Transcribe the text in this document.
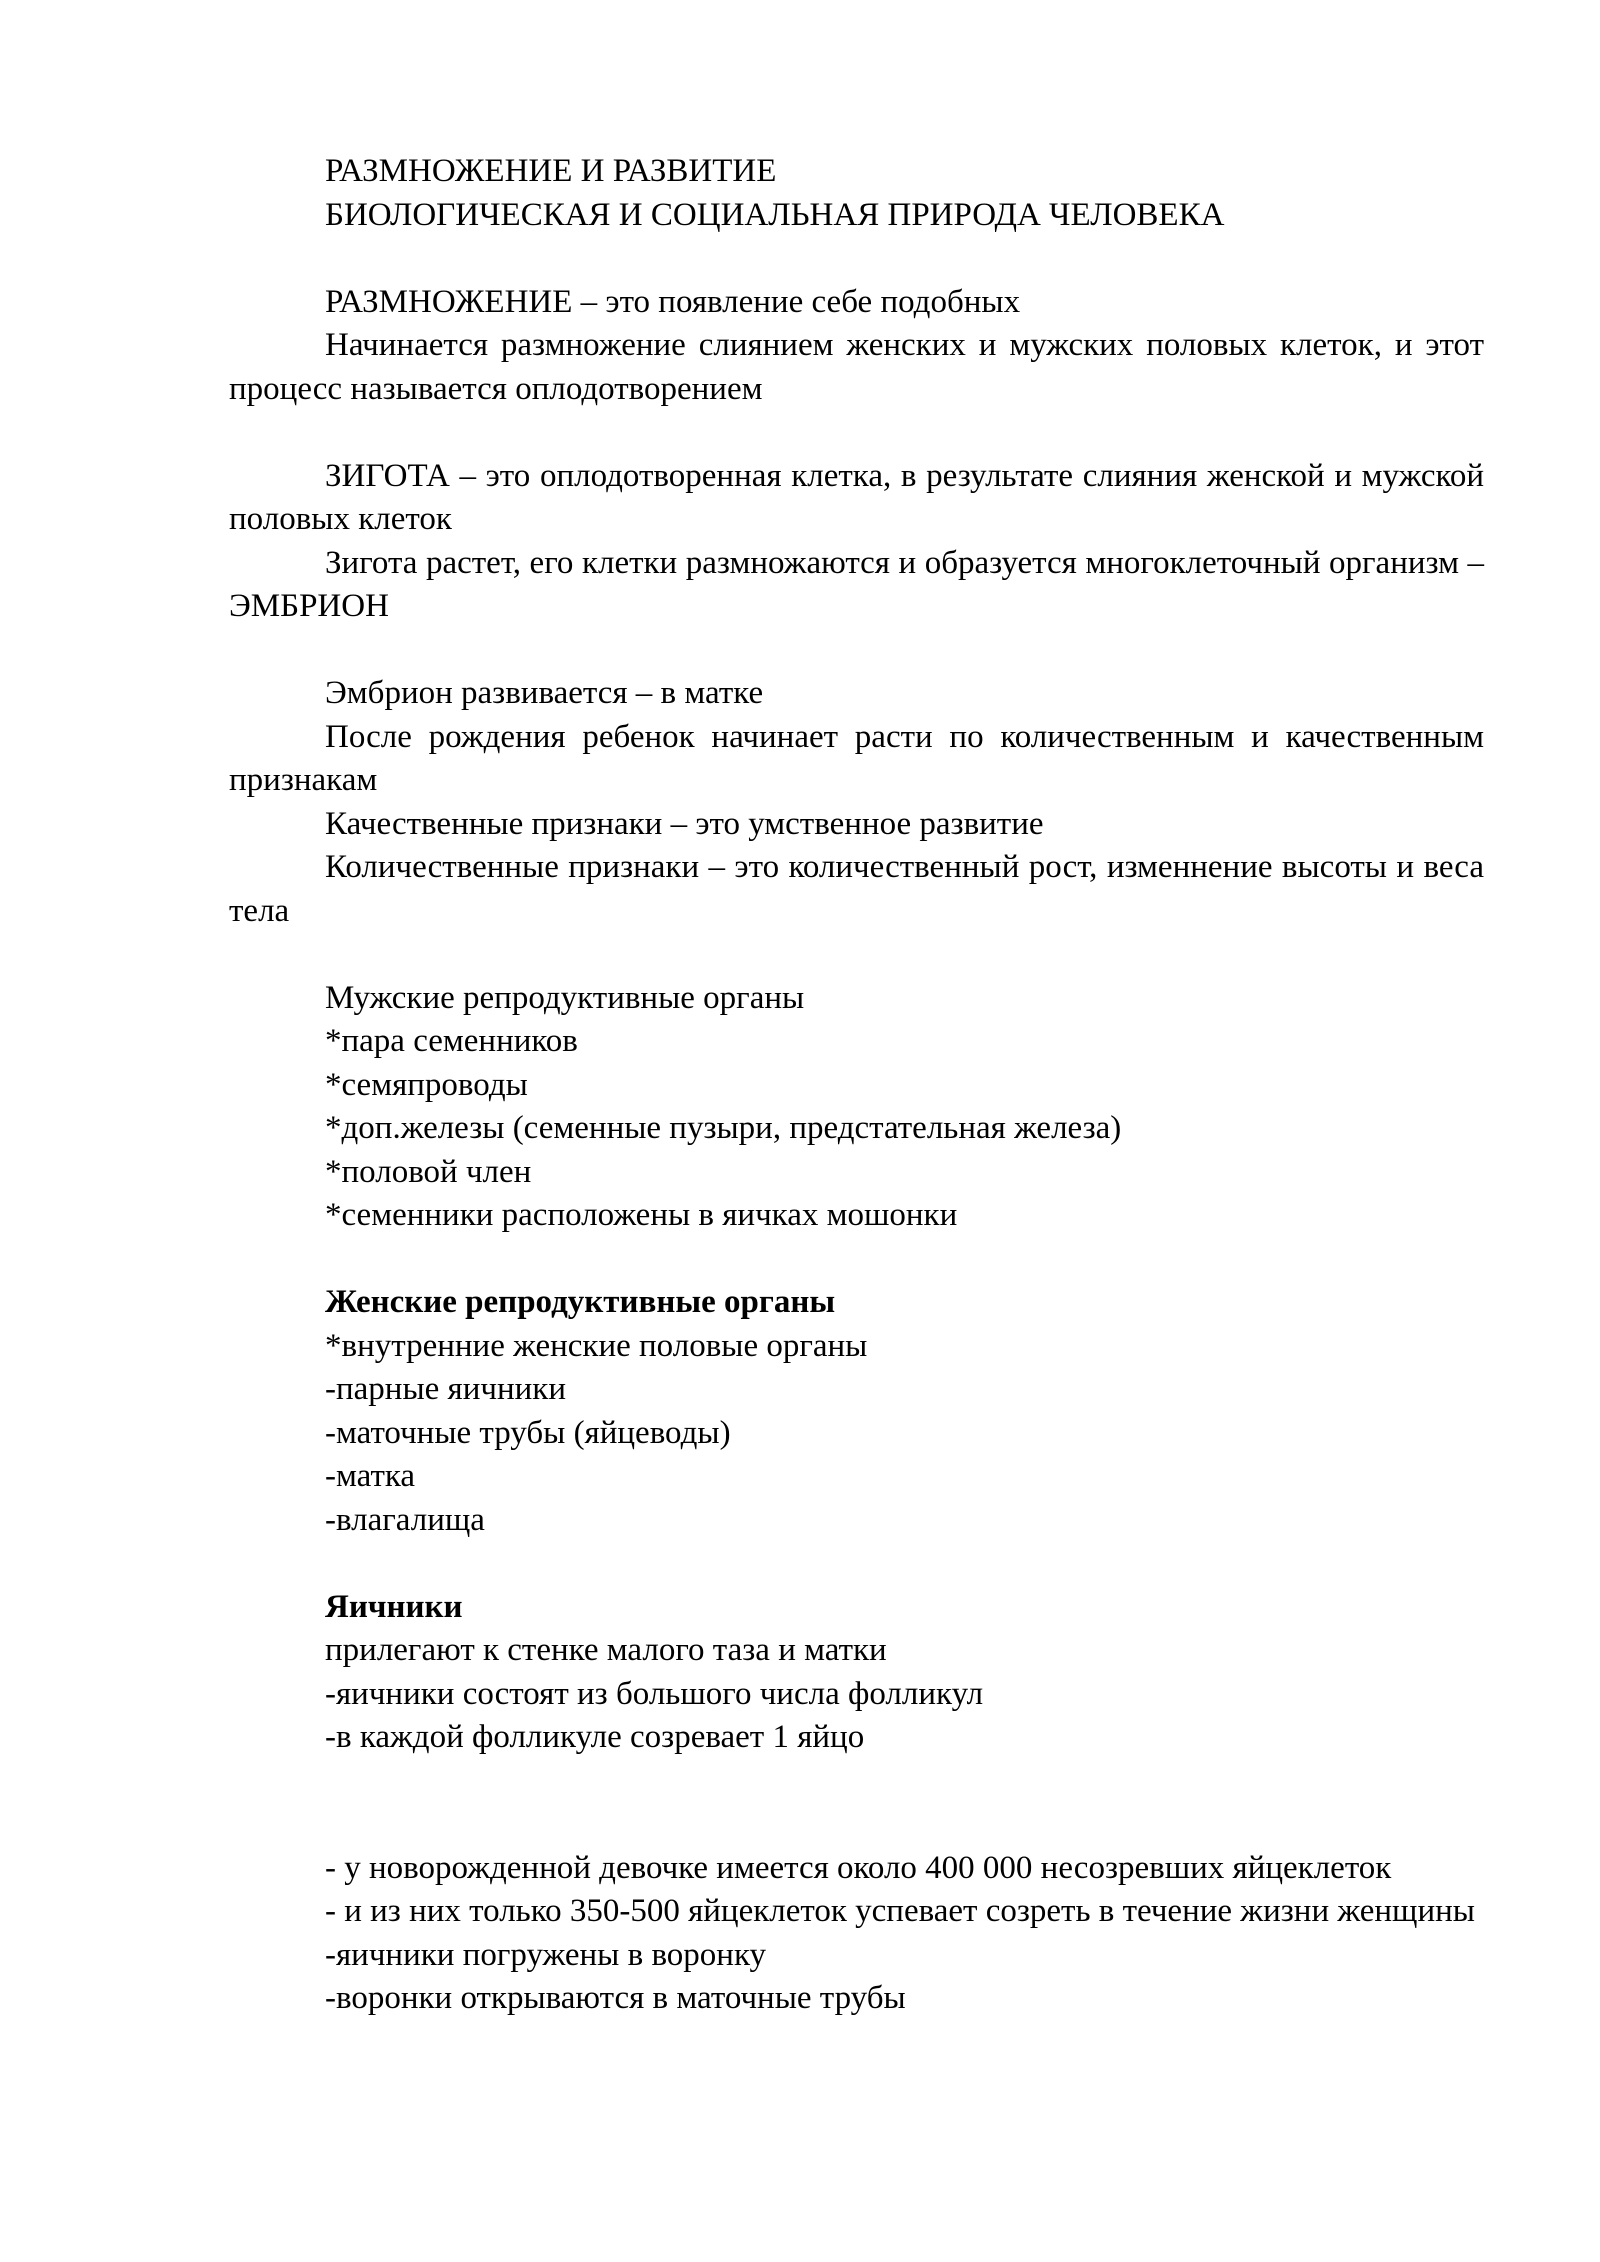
РАЗМНОЖЕНИЕ И РАЗВИТИЕ

БИОЛОГИЧЕСКАЯ И СОЦИАЛЬНАЯ ПРИРОДА ЧЕЛОВЕКА

РАЗМНОЖЕНИЕ – это появление себе подобных

Начинается размножение слиянием женских и мужских половых клеток, и этот процесс называется оплодотворением

ЗИГОТА – это оплодотворенная клетка, в результате слияния женской и мужской половых клеток

Зигота растет, его клетки размножаются и образуется многоклеточный организм – ЭМБРИОН

Эмбрион развивается – в матке

После рождения ребенок начинает расти по количественным и качественным признакам

Качественные признаки – это умственное развитие

Количественные признаки – это количественный рост, изменнение высоты и веса тела

Мужские репродуктивные органы

*пара семенников

*семяпроводы

*доп.железы (семенные пузыри, предстательная железа)

*половой член

*семенники расположены в яичках мошонки

Женские репродуктивные органы

*внутренние женские половые органы

-парные яичники

-маточные трубы (яйцеводы)

-матка

-влагалища

Яичники

прилегают к стенке малого таза и матки

-яичники состоят из большого числа фолликул

-в каждой фолликуле созревает 1 яйцо

- у новорожденной девочке имеется около 400 000 несозревших яйцеклеток

- и из них только 350-500 яйцеклеток успевает созреть в течение жизни женщины

-яичники погружены в воронку

-воронки открываются в маточные трубы
